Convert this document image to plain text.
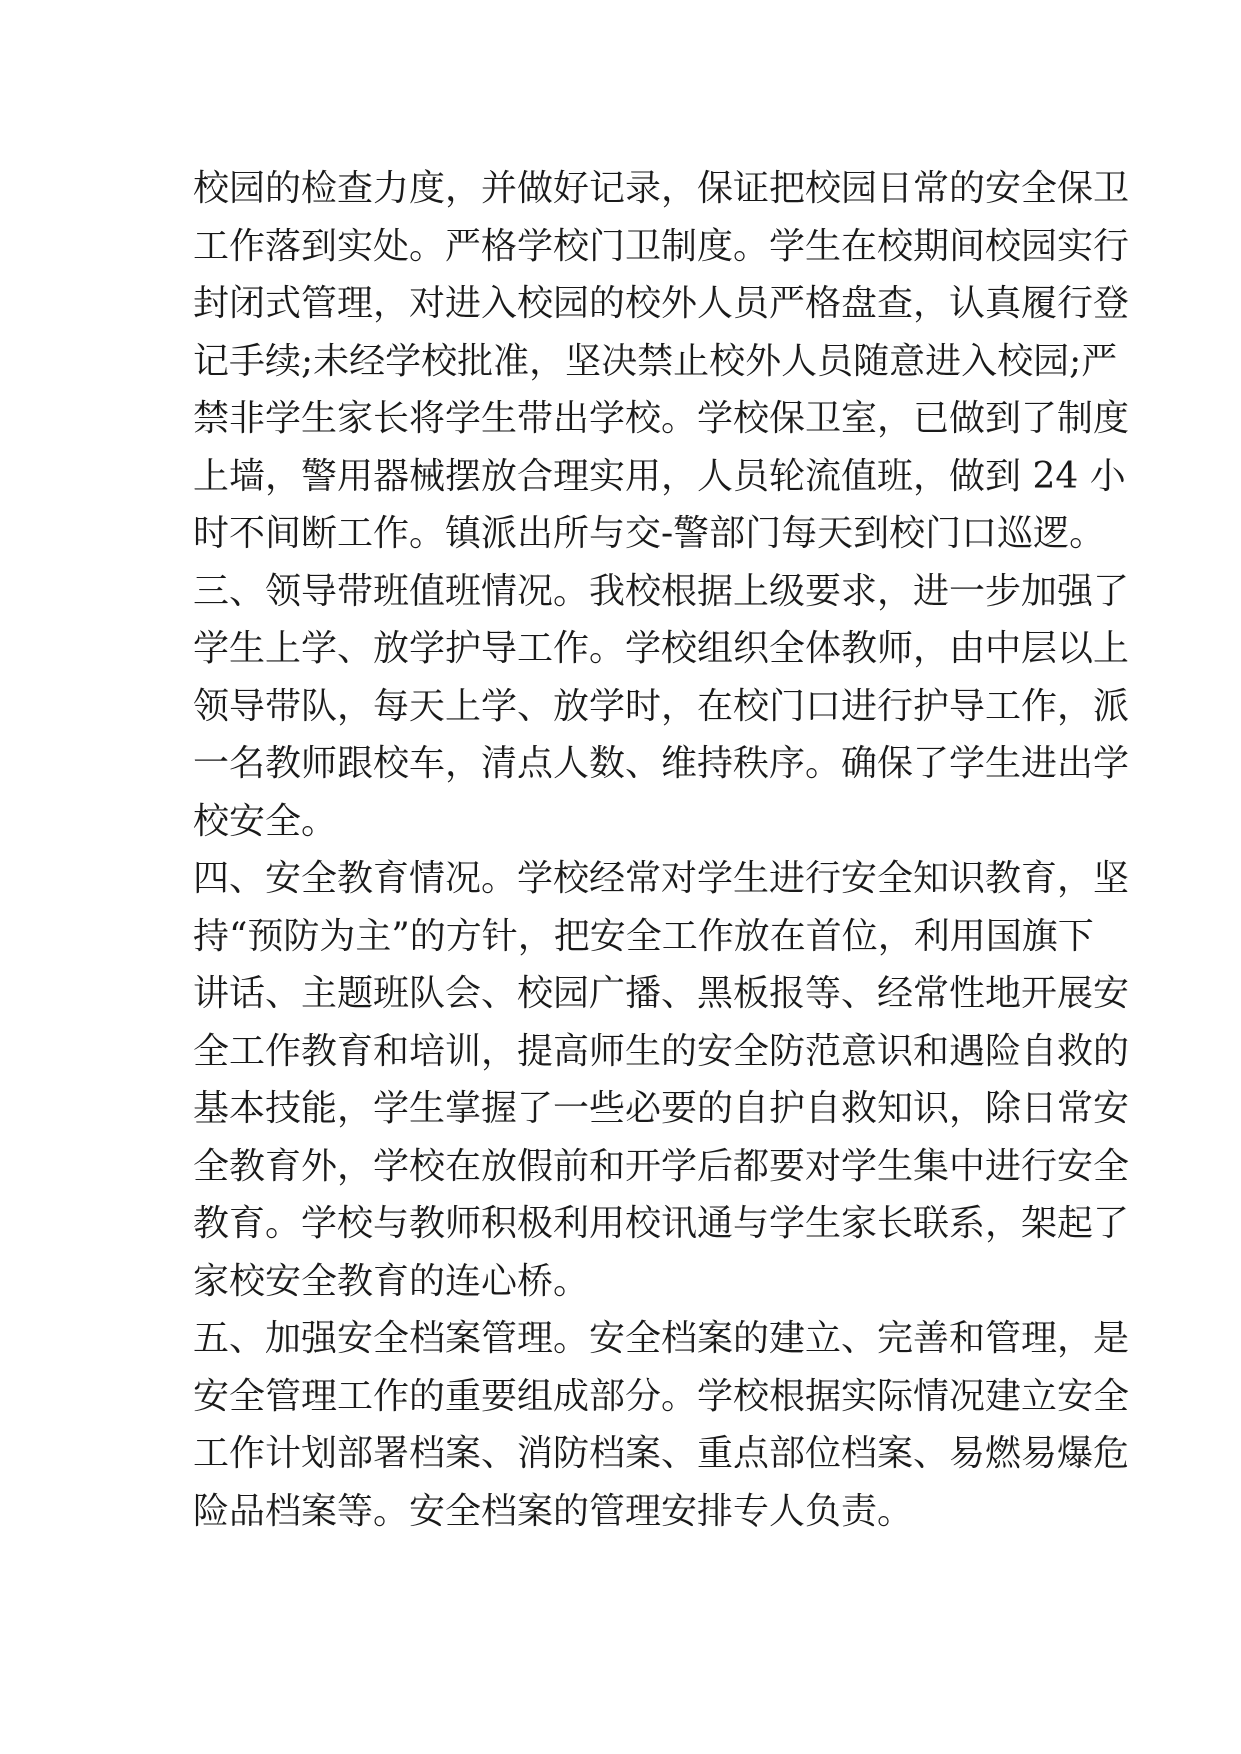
校园的检查力度，并做好记录，保证把校园日常的安全保卫
工作落到实处。严格学校门卫制度。学生在校期间校园实行
封闭式管理，对进入校园的校外人员严格盘查，认真履行登
记手续;未经学校批准，坚决禁止校外人员随意进入校园;严
禁非学生家长将学生带出学校。学校保卫室，已做到了制度
上墙，警用器械摆放合理实用，人员轮流值班，做到 24 小
时不间断工作。镇派出所与交-警部门每天到校门口巡逻。
三、领导带班值班情况。我校根据上级要求，进一步加强了
学生上学、放学护导工作。学校组织全体教师，由中层以上
领导带队，每天上学、放学时，在校门口进行护导工作，派
一名教师跟校车，清点人数、维持秩序。确保了学生进出学
校安全。
四、安全教育情况。学校经常对学生进行安全知识教育，坚
持“预防为主”的方针，把安全工作放在首位，利用国旗下
讲话、主题班队会、校园广播、黑板报等、经常性地开展安
全工作教育和培训，提高师生的安全防范意识和遇险自救的
基本技能，学生掌握了一些必要的自护自救知识，除日常安
全教育外，学校在放假前和开学后都要对学生集中进行安全
教育。学校与教师积极利用校讯通与学生家长联系，架起了
家校安全教育的连心桥。
五、加强安全档案管理。安全档案的建立、完善和管理，是
安全管理工作的重要组成部分。学校根据实际情况建立安全
工作计划部署档案、消防档案、重点部位档案、易燃易爆危
险品档案等。安全档案的管理安排专人负责。
